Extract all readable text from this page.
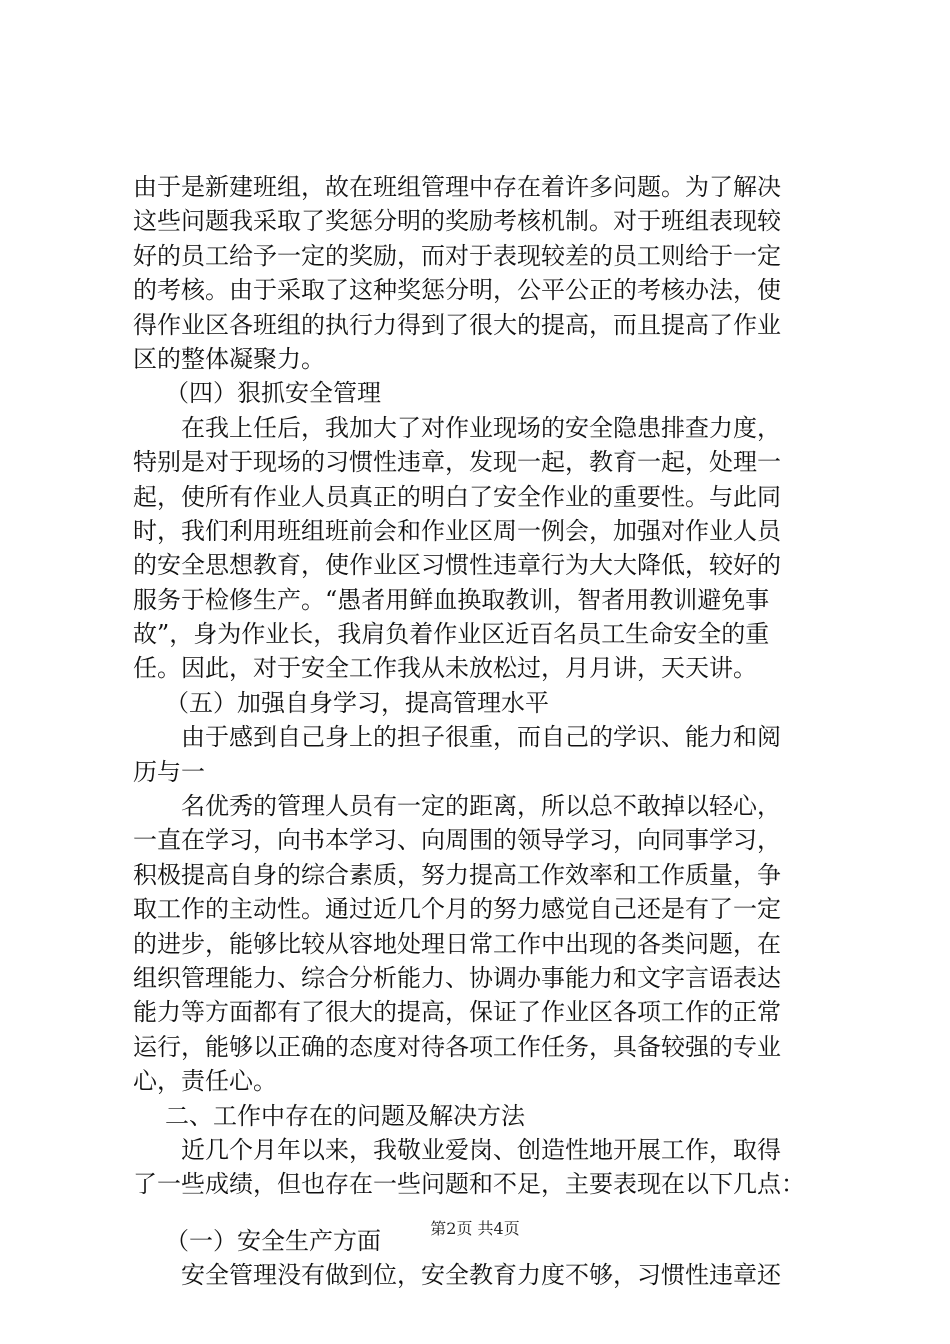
由于是新建班组，故在班组管理中存在着许多问题。为了解决
这些问题我采取了奖惩分明的奖励考核机制。对于班组表现较
好的员工给予一定的奖励，而对于表现较差的员工则给于一定
的考核。由于采取了这种奖惩分明，公平公正的考核办法，使
得作业区各班组的执行力得到了很大的提高，而且提高了作业
区的整体凝聚力。
（四）狠抓安全管理
在我上任后，我加大了对作业现场的安全隐患排查力度，
特别是对于现场的习惯性违章，发现一起，教育一起，处理一
起，使所有作业人员真正的明白了安全作业的重要性。与此同
时，我们利用班组班前会和作业区周一例会，加强对作业人员
的安全思想教育，使作业区习惯性违章行为大大降低，较好的
服务于检修生产。“愚者用鲜血换取教训，智者用教训避免事
故”，身为作业长，我肩负着作业区近百名员工生命安全的重
任。因此，对于安全工作我从未放松过，月月讲，天天讲。
（五）加强自身学习，提高管理水平
由于感到自己身上的担子很重，而自己的学识、能力和阅
历与一
名优秀的管理人员有一定的距离，所以总不敢掉以轻心，
一直在学习，向书本学习、向周围的领导学习，向同事学习，
积极提高自身的综合素质，努力提高工作效率和工作质量，争
取工作的主动性。通过近几个月的努力感觉自己还是有了一定
的进步，能够比较从容地处理日常工作中出现的各类问题，在
组织管理能力、综合分析能力、协调办事能力和文字言语表达
能力等方面都有了很大的提高，保证了作业区各项工作的正常
运行，能够以正确的态度对待各项工作任务，具备较强的专业
心，责任心。
二、工作中存在的问题及解决方法
近几个月年以来，我敬业爱岗、创造性地开展工作，取得
了一些成绩，但也存在一些问题和不足，主要表现在以下几点：
（一）安全生产方面
安全管理没有做到位，安全教育力度不够，习惯性违章还
第2页 共4页
